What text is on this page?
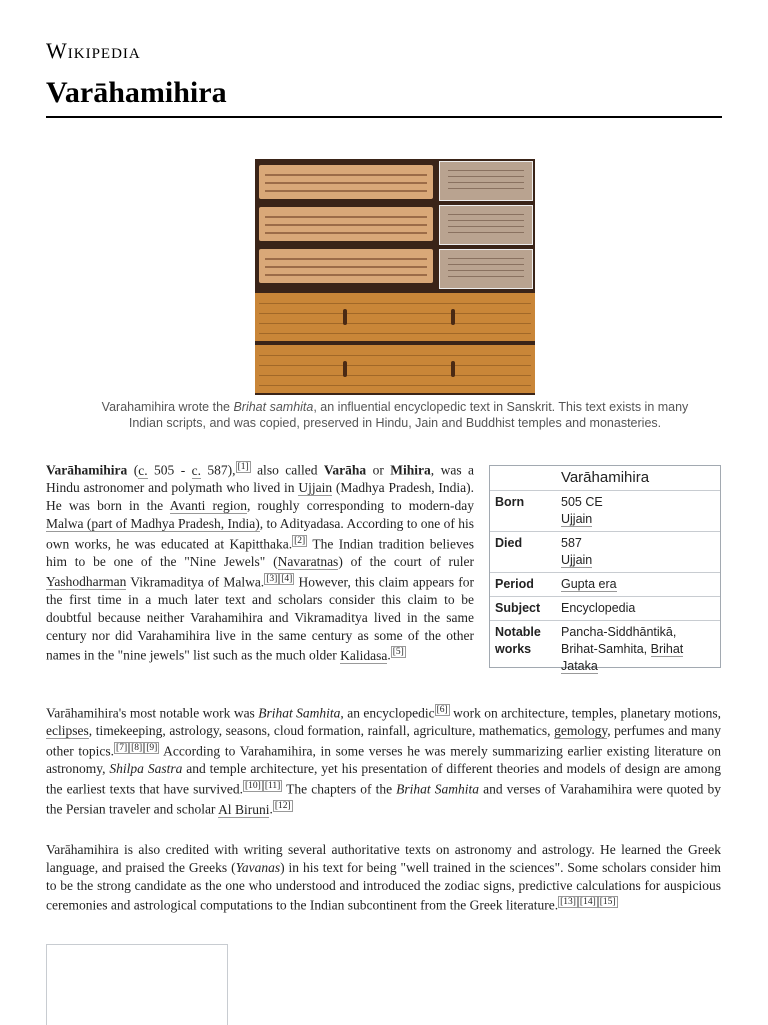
Wikipedia
Varāhamihira
Varahamihira wrote the Brihat samhita, an influential encyclopedic text in Sanskrit. This text exists in many Indian scripts, and was copied, preserved in Hindu, Jain and Buddhist temples and monasteries.

Varāhamihira (c. 505 - c. 587), [1] also called Varāha or Mihira, was a Hindu astronomer and polymath who lived in Ujjain (Madhya Pradesh, India). He was born in the Avanti region, roughly corresponding to modern-day Malwa (part of Madhya Pradesh, India), to Adityadasa. According to one of his own works, he was educated at Kapitthaka. [2] The Indian tradition believes him to be one of the "Nine Jewels" (Navaratnas) of the court of ruler Yashodharman Vikramaditya of Malwa. [3] [4] However, this claim appears for the first time in a much later text and scholars consider this claim to be doubtful because neither Varahamihira and Vikramaditya lived in the same century nor did Varahamihira live in the same century as some of the other names in the "nine jewels" list such as the much older Kalidasa. [5]

Varāhamihira
Born	505 CE
Ujjain
Died	587
Ujjain
Period	Gupta era
Subject	Encyclopedia
Notable works	Pancha-Siddhāntikā, Brihat-Samhita, Brihat Jataka

Varāhamihira's most notable work was Brihat Samhita, an encyclopedic [6] work on architecture, temples, planetary motions, eclipses, timekeeping, astrology, seasons, cloud formation, rainfall, agriculture, mathematics, gemology, perfumes and many other topics. [7] [8] [9] According to Varahamihira, in some verses he was merely summarizing earlier existing literature on astronomy, Shilpa Sastra and temple architecture, yet his presentation of different theories and models of design are among the earliest texts that have survived. [10] [11] The chapters of the Brihat Samhita and verses of Varahamihira were quoted by the Persian traveler and scholar Al Biruni. [12]

Varāhamihira is also credited with writing several authoritative texts on astronomy and astrology. He learned the Greek language, and praised the Greeks (Yavanas) in his text for being "well trained in the sciences". Some scholars consider him to be the strong candidate as the one who understood and introduced the zodiac signs, predictive calculations for auspicious ceremonies and astrological computations to the Indian subcontinent from the Greek literature. [13] [14] [15]
